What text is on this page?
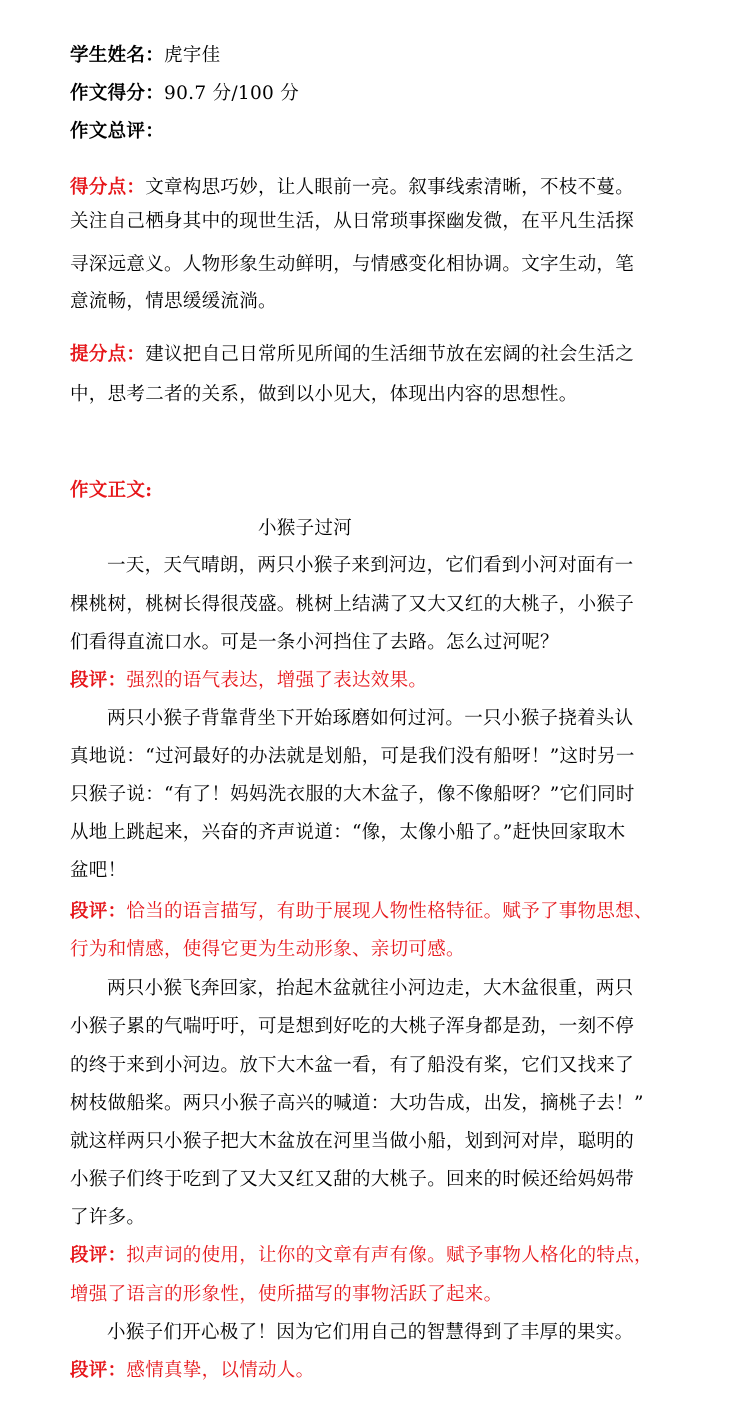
学生姓名：虎宇佳
作文得分：90.7 分/100 分
作文总评：
得分点：文章构思巧妙，让人眼前一亮。叙事线索清晰，不枝不蔓。
关注自己栖身其中的现世生活，从日常琐事探幽发微，在平凡生活探
寻深远意义。人物形象生动鲜明，与情感变化相协调。文字生动，笔
意流畅，情思缓缓流淌。
提分点：建议把自己日常所见所闻的生活细节放在宏阔的社会生活之
中，思考二者的关系，做到以小见大，体现出内容的思想性。
作文正文:
小猴子过河
一天，天气晴朗，两只小猴子来到河边，它们看到小河对面有一
棵桃树，桃树长得很茂盛。桃树上结满了又大又红的大桃子，小猴子
们看得直流口水。可是一条小河挡住了去路。怎么过河呢？
段评：强烈的语气表达，增强了表达效果。
两只小猴子背靠背坐下开始琢磨如何过河。一只小猴子挠着头认
真地说：“过河最好的办法就是划船，可是我们没有船呀！”这时另一
只猴子说：“有了！妈妈洗衣服的大木盆子，像不像船呀？”它们同时
从地上跳起来，兴奋的齐声说道：“像，太像小船了。”赶快回家取木
盆吧！
段评：恰当的语言描写，有助于展现人物性格特征。赋予了事物思想、
行为和情感，使得它更为生动形象、亲切可感。
两只小猴飞奔回家，抬起木盆就往小河边走，大木盆很重，两只
小猴子累的气喘吁吁，可是想到好吃的大桃子浑身都是劲，一刻不停
的终于来到小河边。放下大木盆一看，有了船没有桨，它们又找来了
树枝做船桨。两只小猴子高兴的喊道：大功告成，出发，摘桃子去！”
就这样两只小猴子把大木盆放在河里当做小船，划到河对岸，聪明的
小猴子们终于吃到了又大又红又甜的大桃子。回来的时候还给妈妈带
了许多。
段评：拟声词的使用，让你的文章有声有像。赋予事物人格化的特点，
增强了语言的形象性，使所描写的事物活跃了起来。
小猴子们开心极了！因为它们用自己的智慧得到了丰厚的果实。
段评：感情真挚，以情动人。
